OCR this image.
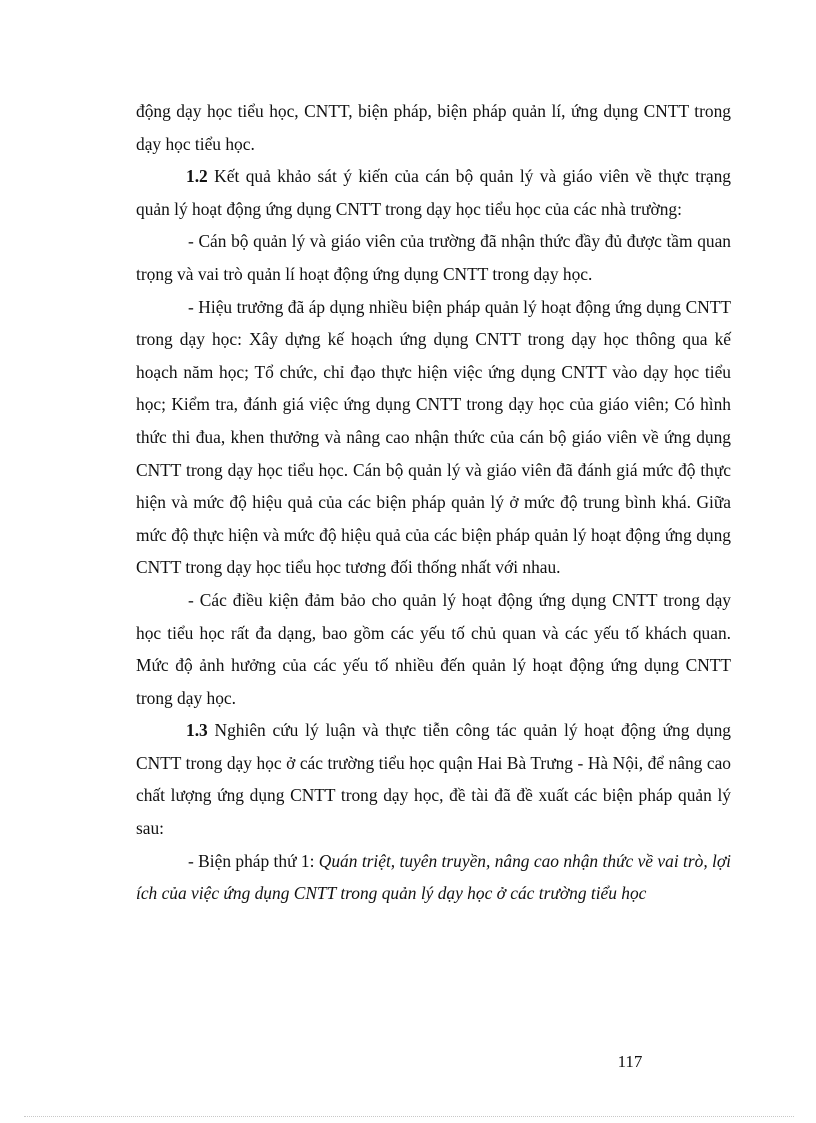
động dạy học tiểu học, CNTT, biện pháp, biện pháp quản lí, ứng dụng CNTT trong dạy học tiểu học.

1.2 Kết quả khảo sát ý kiến của cán bộ quản lý và giáo viên về thực trạng quản lý hoạt động ứng dụng CNTT trong dạy học tiểu học của các nhà trường:

- Cán bộ quản lý và giáo viên của trường đã nhận thức đầy đủ được tầm quan trọng và vai trò quản lí hoạt động ứng dụng CNTT trong dạy học.

- Hiệu trưởng đã áp dụng nhiều biện pháp quản lý hoạt động ứng dụng CNTT trong dạy học: Xây dựng kế hoạch ứng dụng CNTT trong dạy học thông qua kế hoạch năm học; Tổ chức, chỉ đạo thực hiện việc ứng dụng CNTT vào dạy học tiểu học; Kiểm tra, đánh giá việc ứng dụng CNTT trong dạy học của giáo viên; Có hình thức thi đua, khen thưởng và nâng cao nhận thức của cán bộ giáo viên về ứng dụng CNTT trong dạy học tiểu học. Cán bộ quản lý và giáo viên đã đánh giá mức độ thực hiện và mức độ hiệu quả của các biện pháp quản lý ở mức độ trung bình khá. Giữa mức độ thực hiện và mức độ hiệu quả của các biện pháp quản lý hoạt động ứng dụng CNTT trong dạy học tiểu học tương đối thống nhất với nhau.

- Các điều kiện đảm bảo cho quản lý hoạt động ứng dụng CNTT trong dạy học tiểu học rất đa dạng, bao gồm các yếu tố chủ quan và các yếu tố khách quan. Mức độ ảnh hưởng của các yếu tố nhiều đến quản lý hoạt động ứng dụng CNTT trong dạy học.

1.3 Nghiên cứu lý luận và thực tiễn công tác quản lý hoạt động ứng dụng CNTT trong dạy học ở các trường tiểu học quận Hai Bà Trưng - Hà Nội, để nâng cao chất lượng ứng dụng CNTT trong dạy học, đề tài đã đề xuất các biện pháp quản lý sau:

- Biện pháp thứ 1: Quán triệt, tuyên truyền, nâng cao nhận thức về vai trò, lợi ích của việc ứng dụng CNTT trong quản lý dạy học ở các trường tiểu học

117
